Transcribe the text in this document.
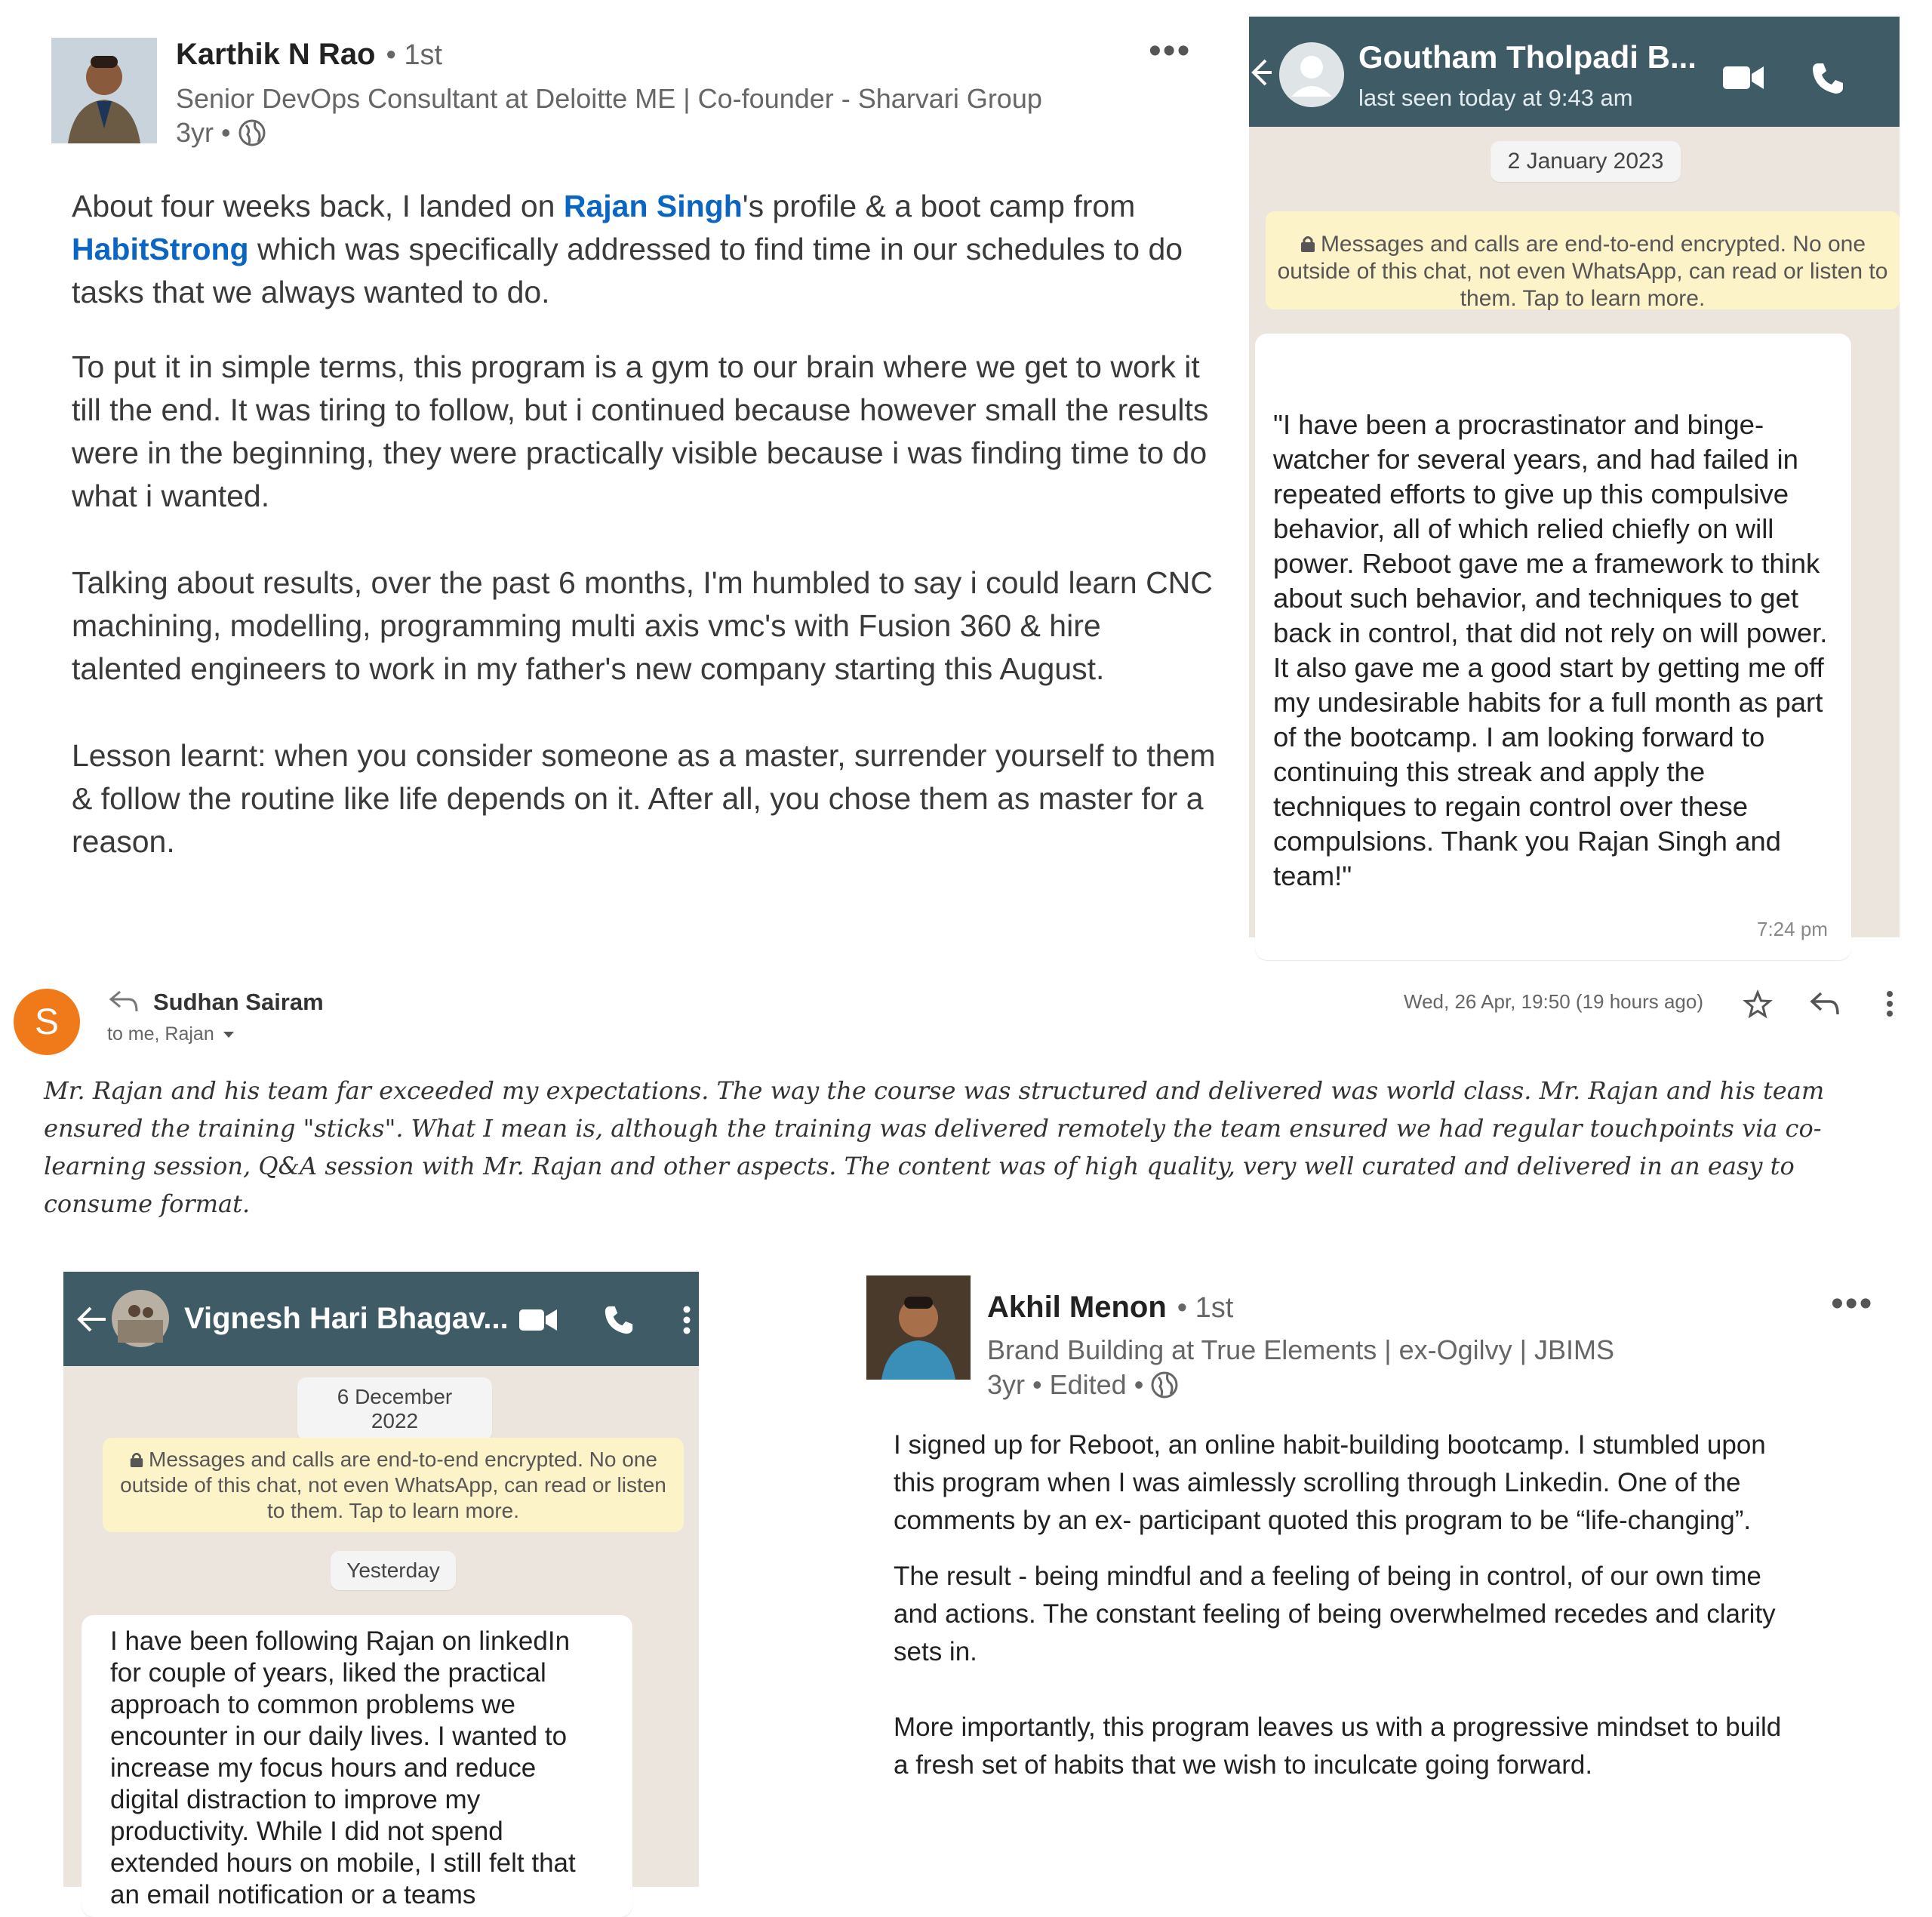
Karthik N Rao • 1st
Senior DevOps Consultant at Deloitte ME | Co-founder - Sharvari Group
3yr •
•••

About four weeks back, I landed on Rajan Singh's profile & a boot camp from HabitStrong which was specifically addressed to find time in our schedules to do tasks that we always wanted to do.

To put it in simple terms, this program is a gym to our brain where we get to work it till the end. It was tiring to follow, but i continued because however small the results were in the beginning, they were practically visible because i was finding time to do what i wanted.

Talking about results, over the past 6 months, I'm humbled to say i could learn CNC machining, modelling, programming multi axis vmc's with Fusion 360 & hire talented engineers to work in my father's new company starting this August.

Lesson learnt: when you consider someone as a master, surrender yourself to them & follow the routine like life depends on it. After all, you chose them as master for a reason.

Goutham Tholpadi B...
last seen today at 9:43 am
2 January 2023
Messages and calls are end-to-end encrypted. No one outside of this chat, not even WhatsApp, can read or listen to them. Tap to learn more.
"I have been a procrastinator and binge-watcher for several years, and had failed in repeated efforts to give up this compulsive behavior, all of which relied chiefly on will power. Reboot gave me a framework to think about such behavior, and techniques to get back in control, that did not rely on will power. It also gave me a good start by getting me off my undesirable habits for a full month as part of the bootcamp. I am looking forward to continuing this streak and apply the techniques to regain control over these compulsions. Thank you Rajan Singh and team!"
7:24 pm
S	Sudhan Sairam
to me, Rajan
Wed, 26 Apr, 19:50 (19 hours ago)
Mr. Rajan and his team far exceeded my expectations. The way the course was structured and delivered was world class. Mr. Rajan and his team ensured the training "sticks". What I mean is, although the training was delivered remotely the team ensured we had regular touchpoints via co-learning session, Q&A session with Mr. Rajan and other aspects. The content was of high quality, very well curated and delivered in an easy to consume format.
Vignesh Hari Bhagav...
6 December 2022
Messages and calls are end-to-end encrypted. No one outside of this chat, not even WhatsApp, can read or listen to them. Tap to learn more.
Yesterday
I have been following Rajan on linkedIn for couple of years, liked the practical approach to common problems we encounter in our daily lives. I wanted to increase my focus hours and reduce digital distraction to improve my productivity. While I did not spend extended hours on mobile, I still felt that an email notification or a teams
Akhil Menon • 1st
Brand Building at True Elements | ex-Ogilvy | JBIMS
3yr • Edited •
•••

I signed up for Reboot, an online habit-building bootcamp. I stumbled upon this program when I was aimlessly scrolling through Linkedin. One of the comments by an ex- participant quoted this program to be “life-changing”.

The result - being mindful and a feeling of being in control, of our own time and actions. The constant feeling of being overwhelmed recedes and clarity sets in.

More importantly, this program leaves us with a progressive mindset to build a fresh set of habits that we wish to inculcate going forward.
